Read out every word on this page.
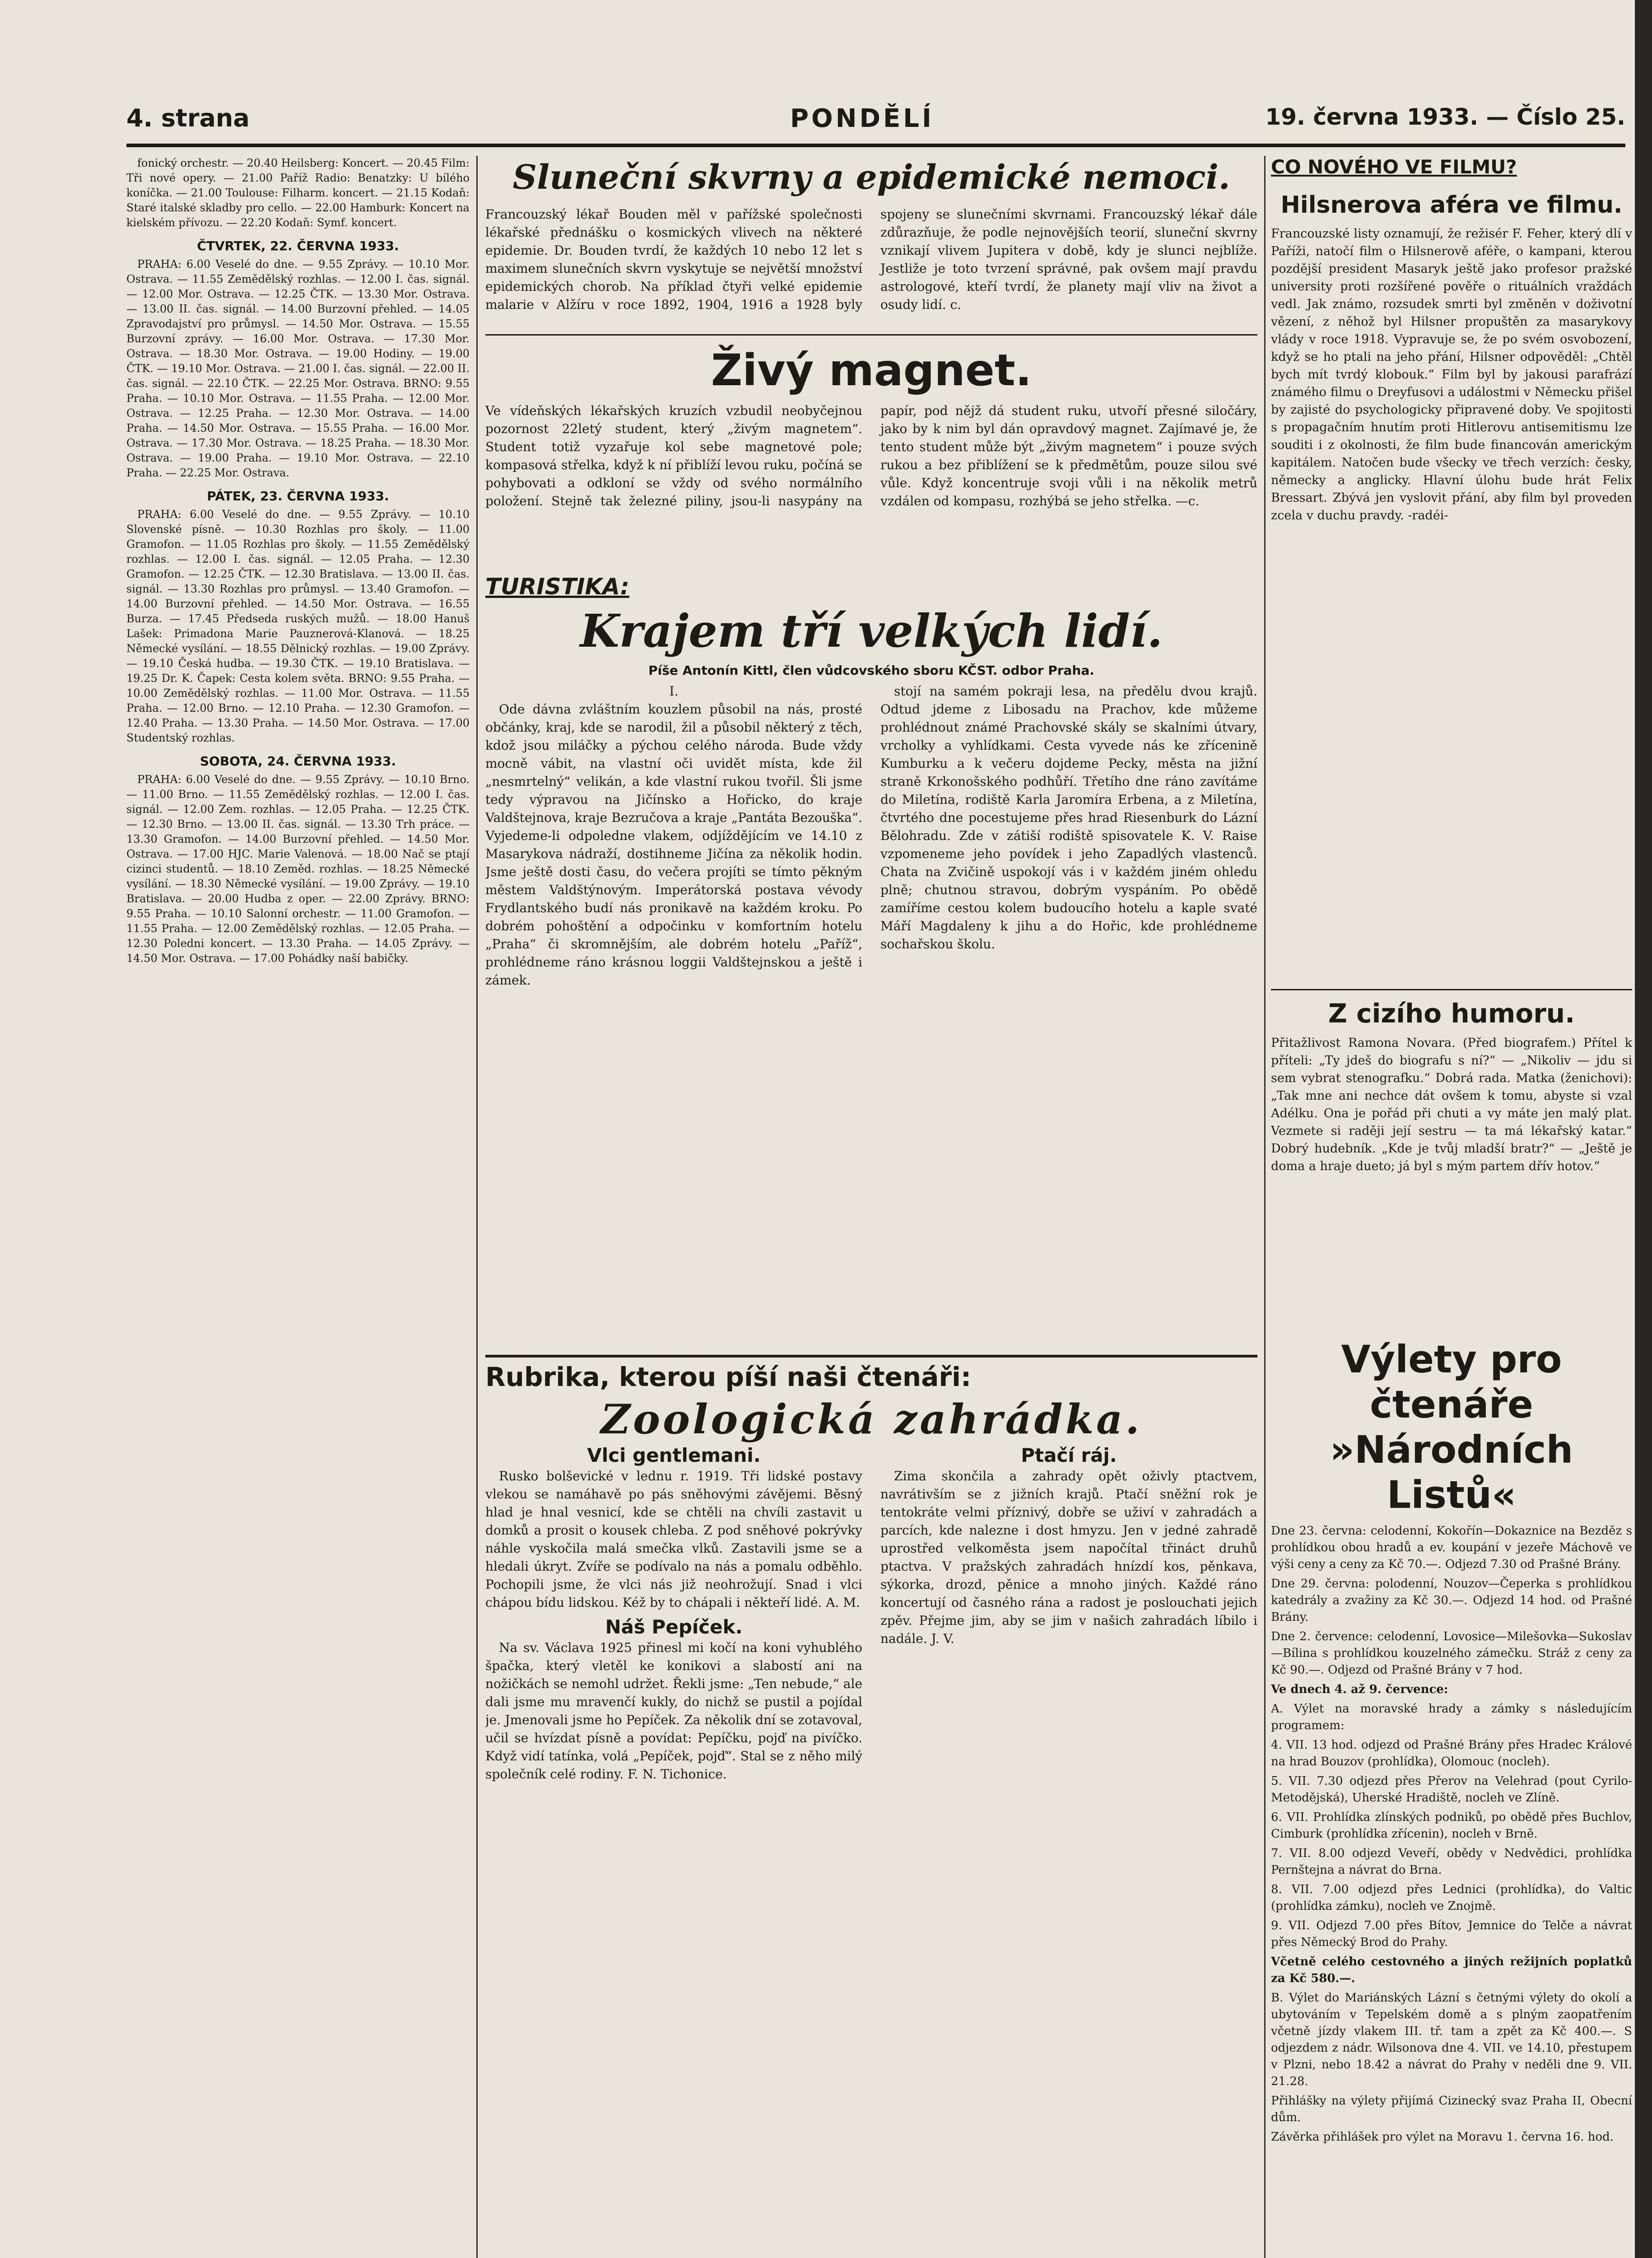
4. strana	PONDĚLÍ	19. června 1933. — Číslo 25.

fonický orchestr. — 20.40 Heilsberg: Koncert. — 20.45 Film: Tři nové opery. — 21.00 Paříž Radio: Benatzky: U bílého koníčka. — 21.00 Toulouse: Filharm. koncert. — 21.15 Kodaň: Staré italské skladby pro cello. — 22.00 Hamburk: Koncert na kielském přívozu. — 22.20 Kodaň: Symf. koncert.

ČTVRTEK, 22. ČERVNA 1933.

PRAHA: 6.00 Veselé do dne. — 9.55 Zprávy. — 10.10 Mor. Ostrava. — 11.55 Zemědělský rozhlas. — 12.00 I. čas. signál. — 12.00 Mor. Ostrava. — 12.25 ČTK. — 13.30 Mor. Ostrava. — 13.00 II. čas. signál. — 14.00 Burzovní přehled. — 14.05 Zpravodajství pro průmysl. — 14.50 Mor. Ostrava. — 15.55 Burzovní zprávy. — 16.00 Mor. Ostrava. — 17.30 Mor. Ostrava. — 18.30 Mor. Ostrava. — 19.00 Hodiny. — 19.00 ČTK. — 19.10 Mor. Ostrava. — 21.00 I. čas. signál. — 22.00 II. čas. signál. — 22.10 ČTK. — 22.25 Mor. Ostrava. BRNO: 9.55 Praha. — 10.10 Mor. Ostrava. — 11.55 Praha. — 12.00 Mor. Ostrava. — 12.25 Praha. — 12.30 Mor. Ostrava. — 14.00 Praha. — 14.50 Mor. Ostrava. — 15.55 Praha. — 16.00 Mor. Ostrava. — 17.30 Mor. Ostrava. — 18.25 Praha. — 18.30 Mor. Ostrava. — 19.00 Praha. — 19.10 Mor. Ostrava. — 22.10 Praha. — 22.25 Mor. Ostrava.

PÁTEK, 23. ČERVNA 1933.

PRAHA: 6.00 Veselé do dne. — 9.55 Zprávy. — 10.10 Slovenské písně. — 10.30 Rozhlas pro školy. — 11.00 Gramofon. — 11.05 Rozhlas pro školy. — 11.55 Zemědělský rozhlas. — 12.00 I. čas. signál. — 12.05 Praha. — 12.30 Gramofon. — 12.25 ČTK. — 12.30 Bratislava. — 13.00 II. čas. signál. — 13.30 Rozhlas pro průmysl. — 13.40 Gramofon. — 14.00 Burzovní přehled. — 14.50 Mor. Ostrava. — 16.55 Burza. — 17.45 Předseda ruských mužů. — 18.00 Hanuš Lašek: Primadona Marie Pauznerová-Klanová. — 18.25 Německé vysílání. — 18.55 Dělnický rozhlas. — 19.00 Zprávy. — 19.10 Česká hudba. — 19.30 ČTK. — 19.10 Bratislava. — 19.25 Dr. K. Čapek: Cesta kolem světa. BRNO: 9.55 Praha. — 10.00 Zemědělský rozhlas. — 11.00 Mor. Ostrava. — 11.55 Praha. — 12.00 Brno. — 12.10 Praha. — 12.30 Gramofon. — 12.40 Praha. — 13.30 Praha. — 14.50 Mor. Ostrava. — 17.00 Studentský rozhlas.

SOBOTA, 24. ČERVNA 1933.

PRAHA: 6.00 Veselé do dne. — 9.55 Zprávy. — 10.10 Brno. — 11.00 Brno. — 11.55 Zemědělský rozhlas. — 12.00 I. čas. signál. — 12.00 Zem. rozhlas. — 12.05 Praha. — 12.25 ČTK. — 12.30 Brno. — 13.00 II. čas. signál. — 13.30 Trh práce. — 13.30 Gramofon. — 14.00 Burzovní přehled. — 14.50 Mor. Ostrava. — 17.00 HJC. Marie Valenová. — 18.00 Nač se ptají cizinci studentů. — 18.10 Zeměd. rozhlas. — 18.25 Německé vysílání. — 18.30 Německé vysílání. — 19.00 Zprávy. — 19.10 Bratislava. — 20.00 Hudba z oper. — 22.00 Zprávy. BRNO: 9.55 Praha. — 10.10 Salonní orchestr. — 11.00 Gramofon. — 11.55 Praha. — 12.00 Zemědělský rozhlas. — 12.05 Praha. — 12.30 Poledni koncert. — 13.30 Praha. — 14.05 Zprávy. — 14.50 Mor. Ostrava. — 17.00 Pohádky naší babičky.

Sluneční skvrny a epidemické nemoci.
Francouzský lékař Bouden měl v pařížské společnosti lékařské přednášku o kosmických vlivech na některé epidemie. Dr. Bouden tvrdí, že každých 10 nebo 12 let s maximem slunečních skvrn vyskytuje se největší množství epidemických chorob. Na příklad čtyři velké epidemie malarie v Alžíru v roce 1892, 1904, 1916 a 1928 byly spojeny se slunečními skvrnami. Francouzský lékař dále zdůrazňuje, že podle nejnovějších teorií, sluneční skvrny vznikají vlivem Jupitera v době, kdy je slunci nejblíže. Jestliže je toto tvrzení správné, pak ovšem mají pravdu astrologové, kteří tvrdí, že planety mají vliv na život a osudy lidí. c.
Živý magnet.
Ve vídeňských lékařských kruzích vzbudil neobyčejnou pozornost 22letý student, který „živým magnetem“. Student totiž vyzařuje kol sebe magnetové pole; kompasová střelka, když k ní přiblíží levou ruku, počíná se pohybovati a odkloní se vždy od svého normálního položení. Stejně tak železné piliny, jsou-li nasypány na papír, pod nějž dá student ruku, utvoří přesné siločáry, jako by k nim byl dán opravdový magnet. Zajímavé je, že tento student může být „živým magnetem“ i pouze svých rukou a bez přiblížení se k předmětům, pouze silou své vůle. Když koncentruje svoji vůli i na několik metrů vzdálen od kompasu, rozhýbá se jeho střelka. —c.
TURISTIKA:
Krajem tří velkých lidí.
Píše Antonín Kittl, člen vůdcovského sboru KČST. odbor Praha.
I.

Ode dávna zvláštním kouzlem působil na nás, prosté občánky, kraj, kde se narodil, žil a působil některý z těch, kdož jsou miláčky a pýchou celého národa. Bude vždy mocně vábit, na vlastní oči uvidět místa, kde žil „nesmrtelný“ velikán, a kde vlastní rukou tvořil. Šli jsme tedy výpravou na Jičínsko a Hořicko, do kraje Valdštejnova, kraje Bezručova a kraje „Pantáta Bezouška“. Vyjedeme-li odpoledne vlakem, odjíždějícím ve 14.10 z Masarykova nádraží, dostihneme Jičína za několik hodin. Jsme ještě dosti času, do večera projíti se tímto pěkným městem Valdštýnovým. Imperátorská postava vévody Frydlantského budí nás pronikavě na každém kroku. Po dobrém pohoštění a odpočinku v komfortním hotelu „Praha“ či skromnějším, ale dobrém hotelu „Paříž“, prohlédneme ráno krásnou loggii Valdštejnskou a ještě i zámek.

stojí na samém pokraji lesa, na předělu dvou krajů. Odtud jdeme z Libosadu na Prachov, kde můžeme prohlédnout známé Prachovské skály se skalními útvary, vrcholky a vyhlídkami. Cesta vyvede nás ke zřícenině Kumburku a k večeru dojdeme Pecky, města na jižní straně Krkonošského podhůří. Třetího dne ráno zavítáme do Miletína, rodiště Karla Jaromíra Erbena, a z Miletína, čtvrtého dne pocestujeme přes hrad Riesenburk do Lázní Bělohradu. Zde v zátiší rodiště spisovatele K. V. Raise vzpomeneme jeho povídek i jeho Zapadlých vlastenců. Chata na Zvičině uspokojí vás i v každém jiném ohledu plně; chutnou stravou, dobrým vyspáním. Po obědě zamíříme cestou kolem budoucího hotelu a kaple svaté Máří Magdaleny k jihu a do Hořic, kde prohlédneme sochařskou školu.

Rubrika, kterou píší naši čtenáři:
Zoologická zahrádka.
Vlci gentlemani.

Rusko bolševické v lednu r. 1919. Tři lidské postavy vlekou se namáhavě po pás sněhovými závějemi. Běsný hlad je hnal vesnicí, kde se chtěli na chvíli zastavit u domků a prosit o kousek chleba. Z pod sněhové pokrývky náhle vyskočila malá smečka vlků. Zastavili jsme se a hledali úkryt. Zvíře se podívalo na nás a pomalu odběhlo. Pochopili jsme, že vlci nás již neohrožují. Snad i vlci chápou bídu lidskou. Kéž by to chápali i někteří lidé. A. M.

Náš Pepíček.

Na sv. Václava 1925 přinesl mi kočí na koni vyhublého špačka, který vletěl ke konikovi a slabostí ani na nožičkách se nemohl udržet. Řekli jsme: „Ten nebude,“ ale dali jsme mu mravenčí kukly, do nichž se pustil a pojídal je. Jmenovali jsme ho Pepíček. Za několik dní se zotavoval, učil se hvízdat písně a povídat: Pepíčku, pojď na pivíčko. Když vidí tatínka, volá „Pepíček, pojď“. Stal se z něho milý společník celé rodiny. F. N. Tichonice.

Ptačí ráj.

Zima skončila a zahrady opět oživly ptactvem, navrátivším se z jižních krajů. Ptačí sněžní rok je tentokráte velmi příznivý, dobře se uživí v zahradách a parcích, kde nalezne i dost hmyzu. Jen v jedné zahradě uprostřed velkoměsta jsem napočítal třináct druhů ptactva. V pražských zahradách hnízdí kos, pěnkava, sýkorka, drozd, pěnice a mnoho jiných. Každé ráno koncertují od časného rána a radost je poslouchati jejich zpěv. Přejme jim, aby se jim v našich zahradách líbilo i nadále. J. V.

CO NOVÉHO VE FILMU?
Hilsnerova aféra ve filmu.
Francouzské listy oznamují, že režisér F. Feher, který dlí v Paříži, natočí film o Hilsnerově aféře, o kampani, kterou pozdější president Masaryk ještě jako profesor pražské university proti rozšířené pověře o rituálních vraždách vedl. Jak známo, rozsudek smrti byl změněn v doživotní vězení, z něhož byl Hilsner propuštěn za masarykovy vlády v roce 1918. Vypravuje se, že po svém osvobození, když se ho ptali na jeho přání, Hilsner odpověděl: „Chtěl bych mít tvrdý klobouk.“ Film byl by jakousi parafrází známého filmu o Dreyfusovi a událostmi v Německu přišel by zajisté do psychologicky připravené doby. Ve spojitosti s propagačním hnutím proti Hitlerovu antisemitismu lze souditi i z okolnosti, že film bude financován americkým kapitálem. Natočen bude všecky ve třech verzích: česky, německy a anglicky. Hlavní úlohu bude hrát Felix Bressart. Zbývá jen vyslovit přání, aby film byl proveden zcela v duchu pravdy. -radéi-
Z cizího humoru.
Přitažlivost Ramona Novara. (Před biografem.) Přítel k příteli: „Ty jdeš do biografu s ní?“ — „Nikoliv — jdu si sem vybrat stenografku.“ Dobrá rada. Matka (ženichovi): „Tak mne ani nechce dát ovšem k tomu, abyste si vzal Adélku. Ona je pořád při chuti a vy máte jen malý plat. Vezmete si raději její sestru — ta má lékařský katar.“ Dobrý hudebník. „Kde je tvůj mladší bratr?“ — „Ještě je doma a hraje dueto; já byl s mým partem dřív hotov.“
Výlety pro čtenáře
»Národních Listů«
Dne 23. června: celodenní, Kokořín—Dokaznice na Bezděz s prohlídkou obou hradů a ev. koupání v jezeře Máchově ve výši ceny a ceny za Kč 70.—. Odjezd 7.30 od Prašné Brány.
Dne 29. června: polodenní, Nouzov—Čeperka s prohlídkou katedrály a zvažiny za Kč 30.—. Odjezd 14 hod. od Prašné Brány.
Dne 2. července: celodenní, Lovosice—Milešovka—Sukoslav—Bílina s prohlídkou kouzelného zámečku. Stráž z ceny za Kč 90.—. Odjezd od Prašné Brány v 7 hod.
Ve dnech 4. až 9. července:
A. Výlet na moravské hrady a zámky s následujícím programem:
4. VII. 13 hod. odjezd od Prašné Brány přes Hradec Králové na hrad Bouzov (prohlídka), Olomouc (nocleh).
5. VII. 7.30 odjezd přes Přerov na Velehrad (pout Cyrilo-Metodějská), Uherské Hradiště, nocleh ve Zlíně.
6. VII. Prohlídka zlínských podniků, po obědě přes Buchlov, Cimburk (prohlídka zřícenin), nocleh v Brně.
7. VII. 8.00 odjezd Veveří, obědy v Nedvědici, prohlídka Pernštejna a návrat do Brna.
8. VII. 7.00 odjezd přes Lednici (prohlídka), do Valtic (prohlídka zámku), nocleh ve Znojmě.
9. VII. Odjezd 7.00 přes Bítov, Jemnice do Telče a návrat přes Německý Brod do Prahy.
Včetně celého cestovného a jiných režijních poplatků za Kč 580.—.
B. Výlet do Mariánských Lázní s četnými výlety do okolí a ubytováním v Tepelském domě a s plným zaopatřením včetně jízdy vlakem III. tř. tam a zpět za Kč 400.—. S odjezdem z nádr. Wilsonova dne 4. VII. ve 14.10, přestupem v Plzni, nebo 18.42 a návrat do Prahy v neděli dne 9. VII. 21.28.
Přihlášky na výlety přijímá Cizinecký svaz Praha II, Obecní dům.
Závěrka přihlášek pro výlet na Moravu 1. června 16. hod.
